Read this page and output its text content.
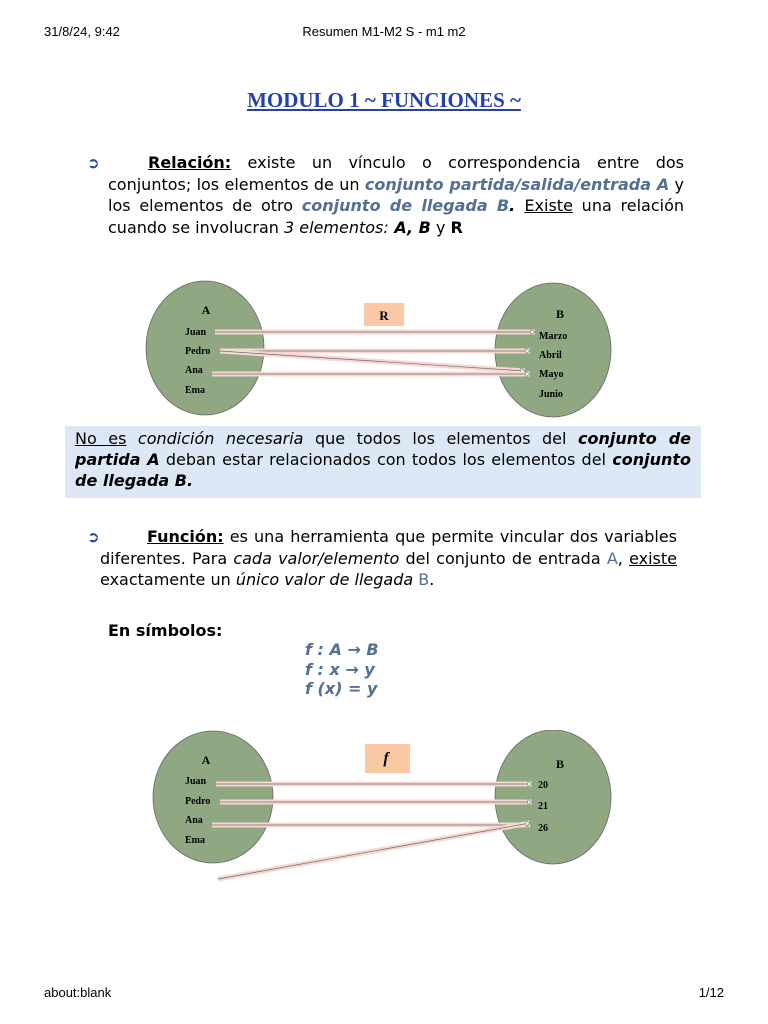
31/8/24, 9:42	Resumen M1-M2 S - m1 m2
MODULO 1 ~ FUNCIONES ~
➲	Relación: existe un vínculo o correspondencia entre dos conjuntos; los elementos de un conjunto partida/salida/entrada A y los elementos de otro conjunto de llegada B. Existe una relación cuando se involucran 3 elementos: A, B y R
R
A	B
Juan
Pedro
Ana
Ema
Marzo
Abril
Mayo
Junio
No es condición necesaria que todos los elementos del conjunto de partida A deban estar relacionados con todos los elementos del conjunto de llegada B.
➲	Función: es una herramienta que permite vincular dos variables diferentes. Para cada valor/elemento del conjunto de entrada A, existe exactamente un único valor de llegada B.
En símbolos:
f : A → B
f : x → y
f (x) = y
f
A	B
Juan
Pedro
Ana
Ema
20
21
26
about:blank	1/12
